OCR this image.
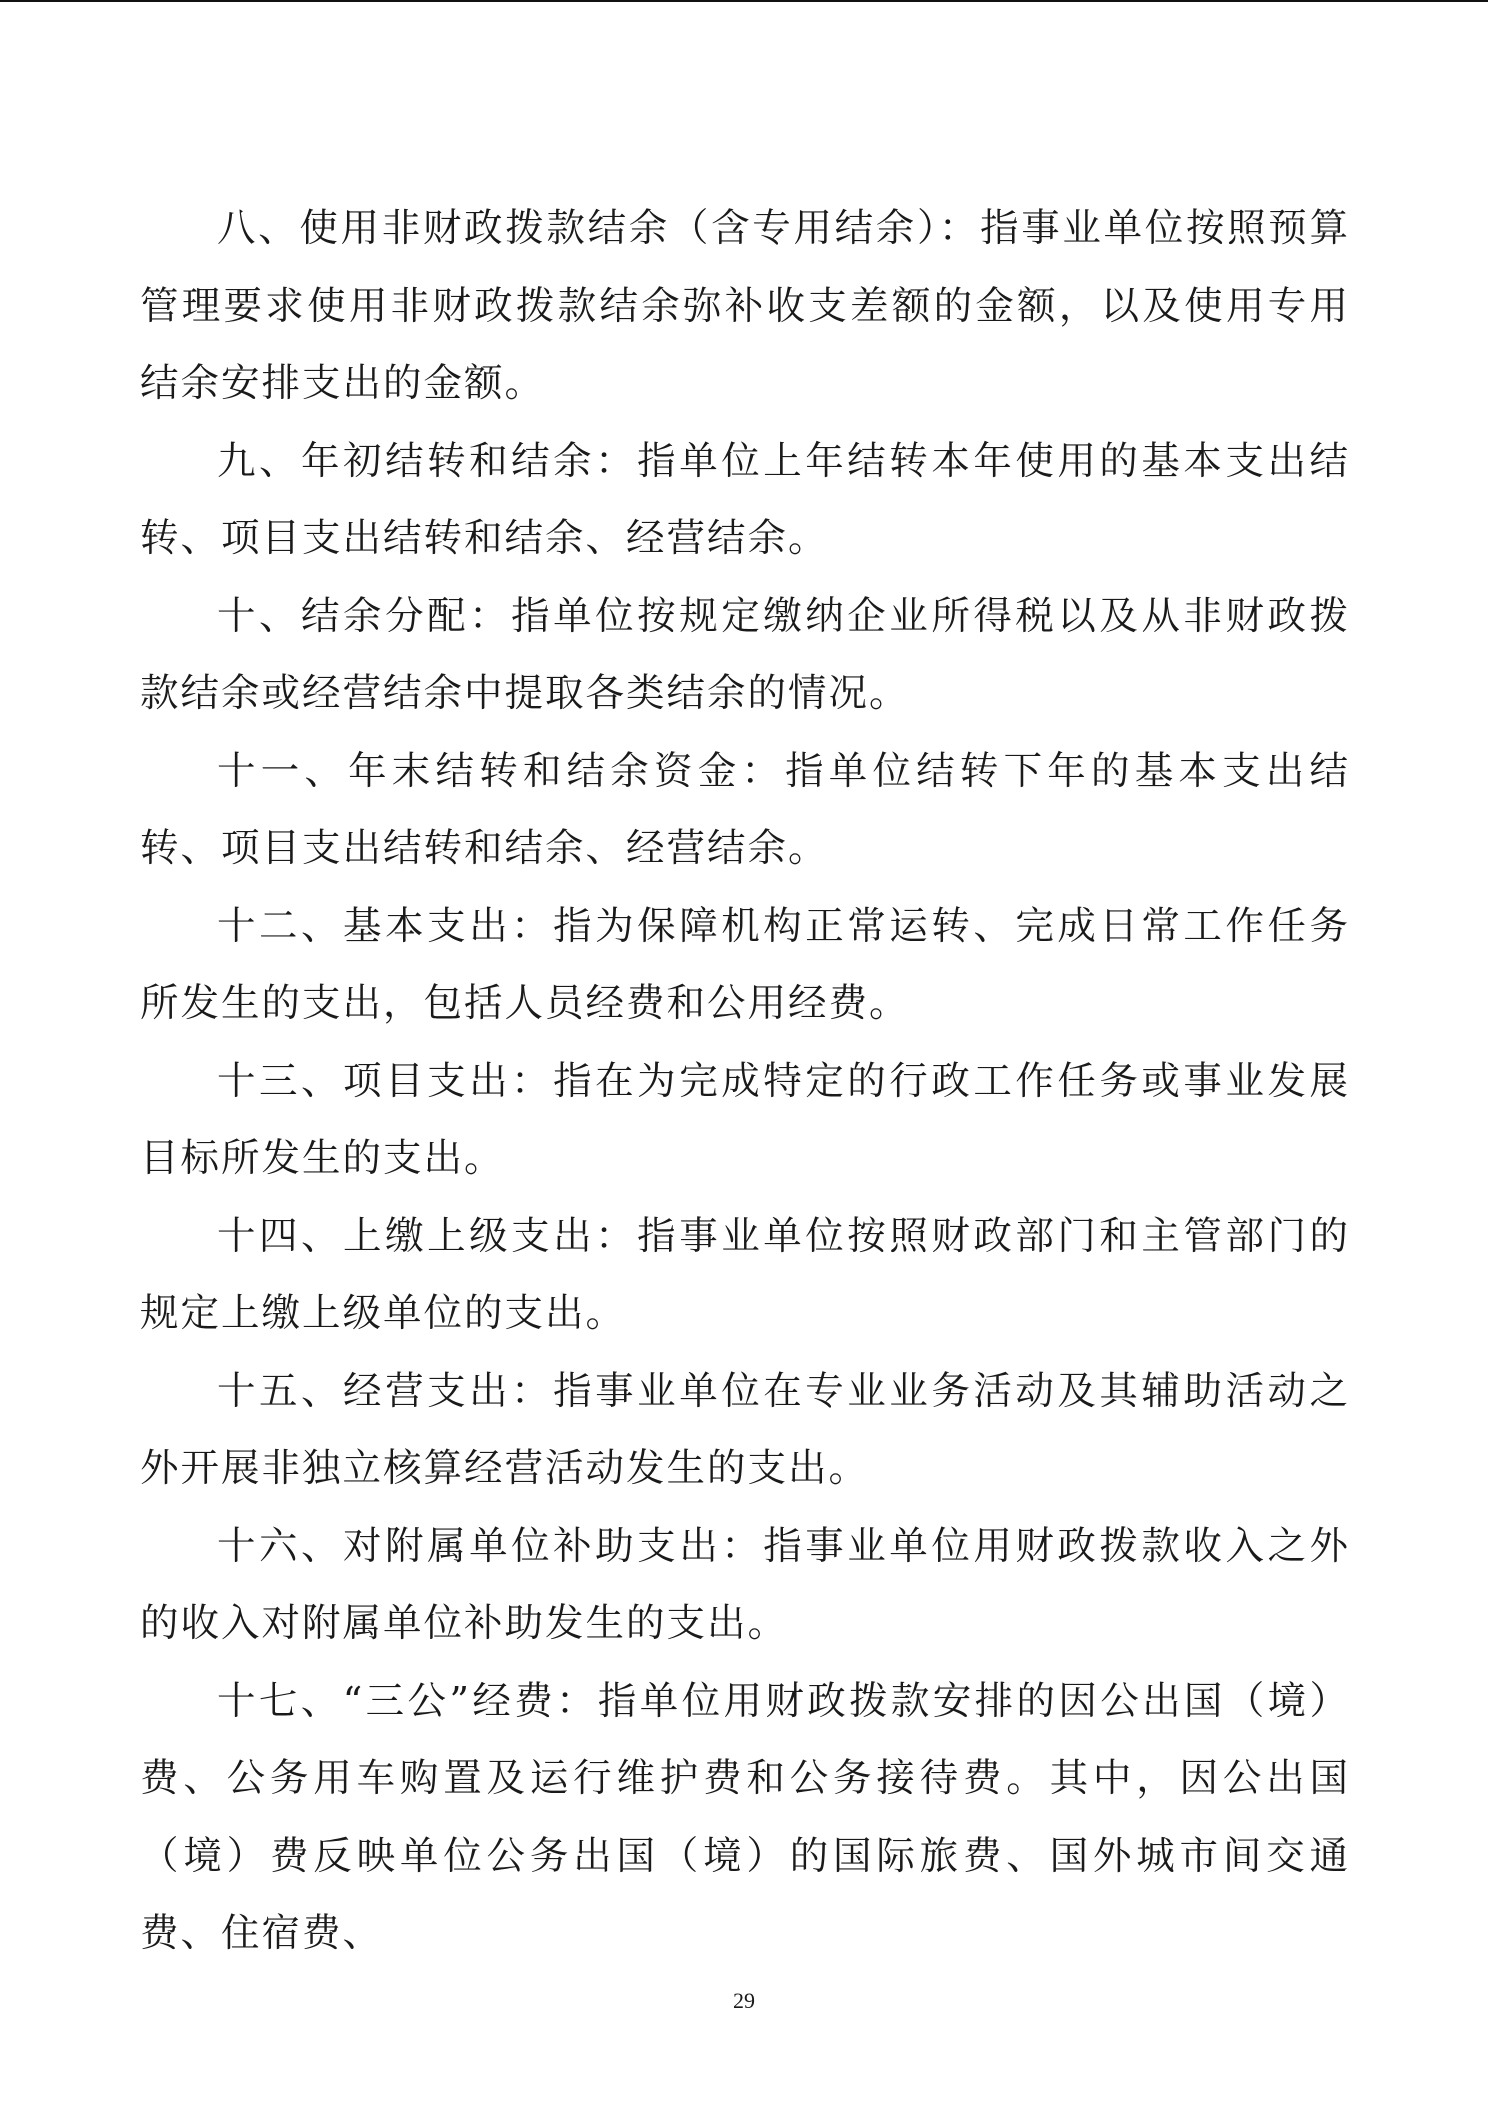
八、使用非财政拨款结余（含专用结余）：指事业单位按照预算管理要求使用非财政拨款结余弥补收支差额的金额，以及使用专用结余安排支出的金额。

九、年初结转和结余：指单位上年结转本年使用的基本支出结转、项目支出结转和结余、经营结余。

十、结余分配：指单位按规定缴纳企业所得税以及从非财政拨款结余或经营结余中提取各类结余的情况。

十一、年末结转和结余资金：指单位结转下年的基本支出结转、项目支出结转和结余、经营结余。

十二、基本支出：指为保障机构正常运转、完成日常工作任务所发生的支出，包括人员经费和公用经费。

十三、项目支出：指在为完成特定的行政工作任务或事业发展目标所发生的支出。

十四、上缴上级支出：指事业单位按照财政部门和主管部门的规定上缴上级单位的支出。

十五、经营支出：指事业单位在专业业务活动及其辅助活动之外开展非独立核算经营活动发生的支出。

十六、对附属单位补助支出：指事业单位用财政拨款收入之外的收入对附属单位补助发生的支出。

十七、“三公”经费：指单位用财政拨款安排的因公出国（境）费、公务用车购置及运行维护费和公务接待费。其中，因公出国（境）费反映单位公务出国（境）的国际旅费、国外城市间交通费、住宿费、

29
